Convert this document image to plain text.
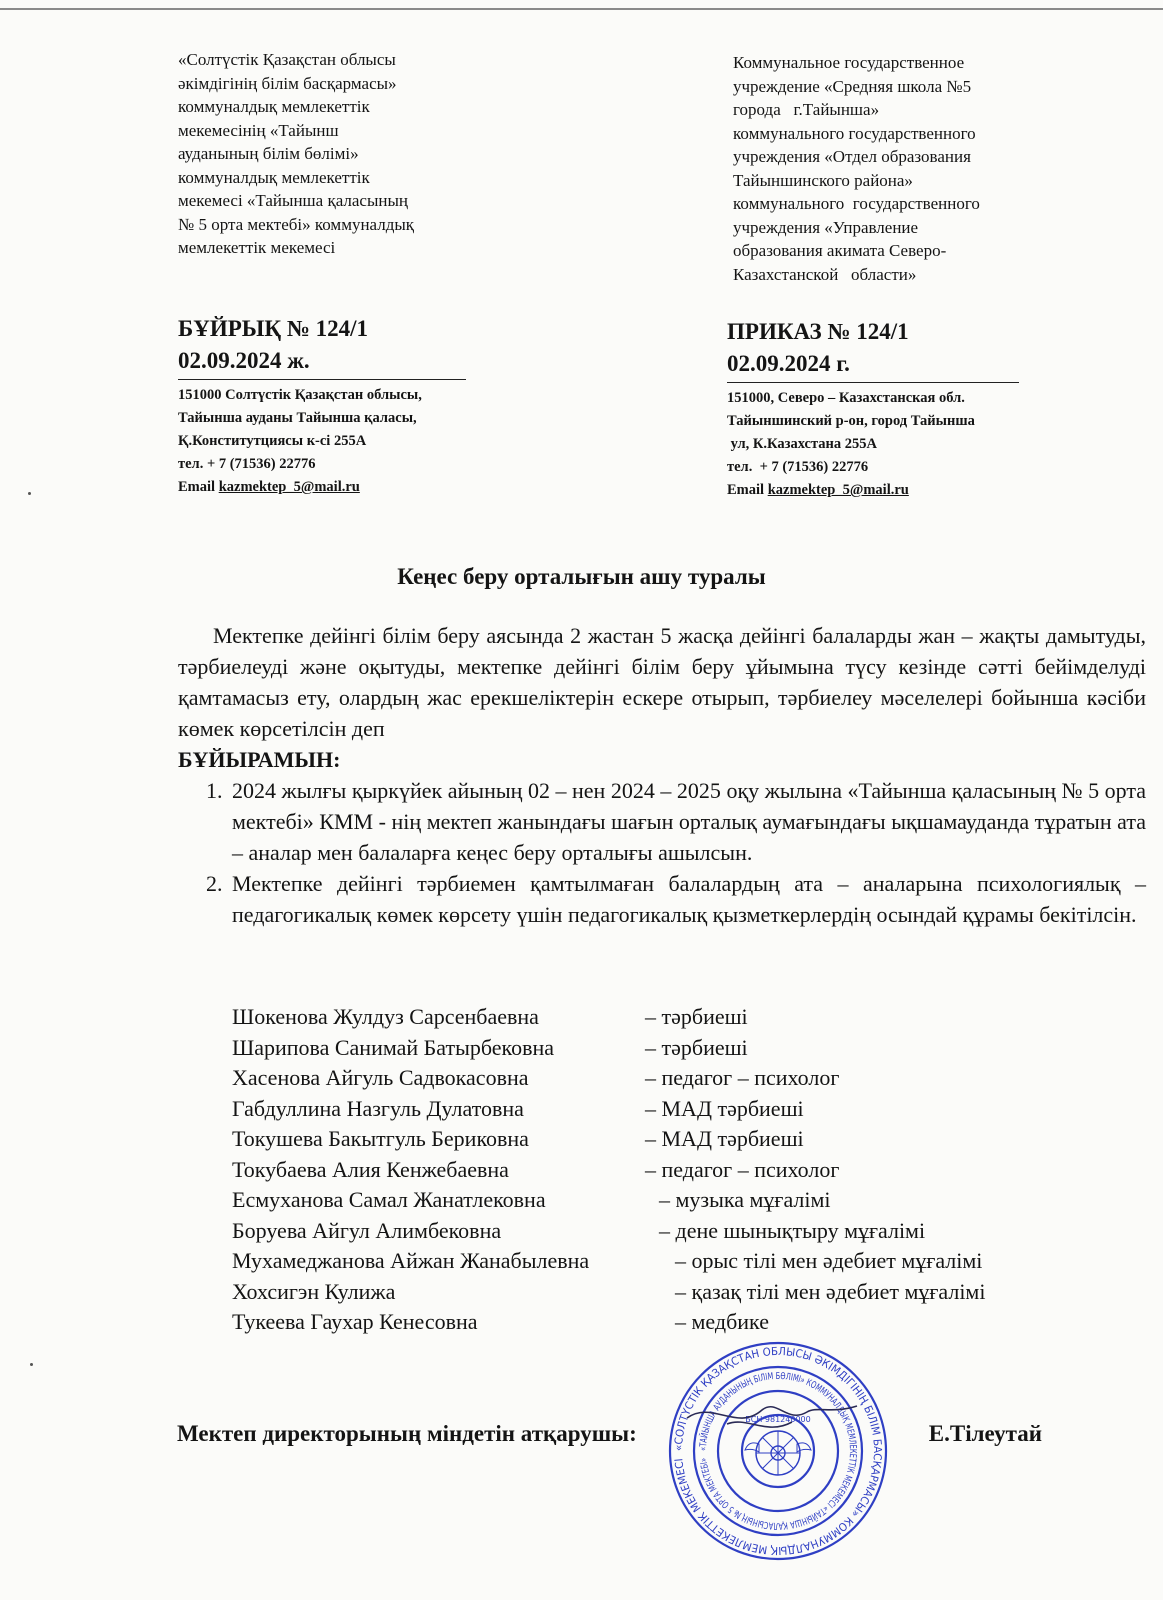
«Солтүстік Қазақстан облысы
әкімдігінің білім басқармасы»
коммуналдық мемлекеттік
мекемесінің «Тайынш
ауданының білім бөлімі»
коммуналдық мемлекеттік
мекемесі «Тайынша қаласының
№ 5 орта мектебі» коммуналдық
мемлекеттік мекемесі
Коммунальное государственное
учреждение «Средняя школа №5
города   г.Тайынша»
коммунального государственного
учреждения «Отдел образования
Тайыншинского района»
коммунального  государственного
учреждения «Управление
образования акимата Северо-
Казахстанской   области»
БҰЙРЫҚ № 124/1
02.09.2024 ж.
ПРИКАЗ № 124/1
02.09.2024 г.
151000 Солтүстік Қазақстан облысы,
Тайынша ауданы Тайынша қаласы,
Қ.Конститутциясы к-сі 255А
тел. + 7 (71536) 22776
Email kazmektep_5@mail.ru
151000, Северо – Казахстанская обл.
Тайыншинский р-он, город Тайынша
ул, К.Казахстана 255А
тел.  + 7 (71536) 22776
Email kazmektep_5@mail.ru
Кеңес беру орталығын ашу туралы

Мектепке дейінгі білім беру аясында 2 жастан 5 жасқа дейінгі балаларды жан – жақты дамытуды, тәрбиелеуді және оқытуды, мектепке дейінгі білім беру ұйымына түсу кезінде сәтті бейімделуді қамтамасыз ету, олардың жас ерекшеліктерін ескере отырып, тәрбиелеу мәселелері бойынша кәсіби көмек көрсетілсін деп
БҰЙЫРАМЫН:

1. 2024 жылғы қыркүйек айының 02 – нен 2024 – 2025 оқу жылына «Тайынша қаласының № 5 орта мектебі» КММ - нің мектеп жанындағы шағын орталық аумағындағы ықшамауданда тұратын ата – аналар мен балаларға кеңес беру орталығы ашылсын.
2. Мектепке дейінгі тәрбиемен қамтылмаған балалардың ата – аналарына психологиялық – педагогикалық көмек көрсету үшін педагогикалық қызметкерлердің осындай құрамы бекітілсін.
Шокенова Жулдуз Сарсенбаевна	– тәрбиеші
Шарипова Санимай Батырбековна	– тәрбиеші
Хасенова Айгуль Садвокасовна	– педагог – психолог
Габдуллина Назгуль Дулатовна	– МАД тәрбиеші
Токушева Бакытгуль Бериковна	– МАД тәрбиеші
Токубаева Алия Кенжебаевна	– педагог – психолог
Есмуханова Самал Жанатлековна	– музыка мұғалімі
Боруева Айгул Алимбековна	– дене шынықтыру мұғалімі
Мухамеджанова Айжан Жанабылевна	– орыс тілі мен әдебиет мұғалімі
Хохсигэн Кулижа	– қазақ тілі мен әдебиет мұғалімі
Тукеева Гаухар Кенесовна	– медбике
Мектеп директорының міндетін атқарушы:	Е.Тілеутай
«СОЛТҮСТІК ҚАЗАҚСТАН ОБЛЫСЫ ӘКІМДІГІНІҢ БІЛІМ БАСҚАРМАСЫ» КОММУНАЛДЫҚ МЕМЛЕКЕТТІК МЕКЕМЕСІ
«ТАЙЫНША АУДАНЫНЫҢ БІЛІМ БӨЛІМІ» КОММУНАЛДЫҚ МЕМЛЕКЕТТІК МЕКЕМЕСІ «ТАЙЫНША ҚАЛАСЫНЫҢ № 5 ОРТА МЕКТЕБІ»
БСН 981240000
